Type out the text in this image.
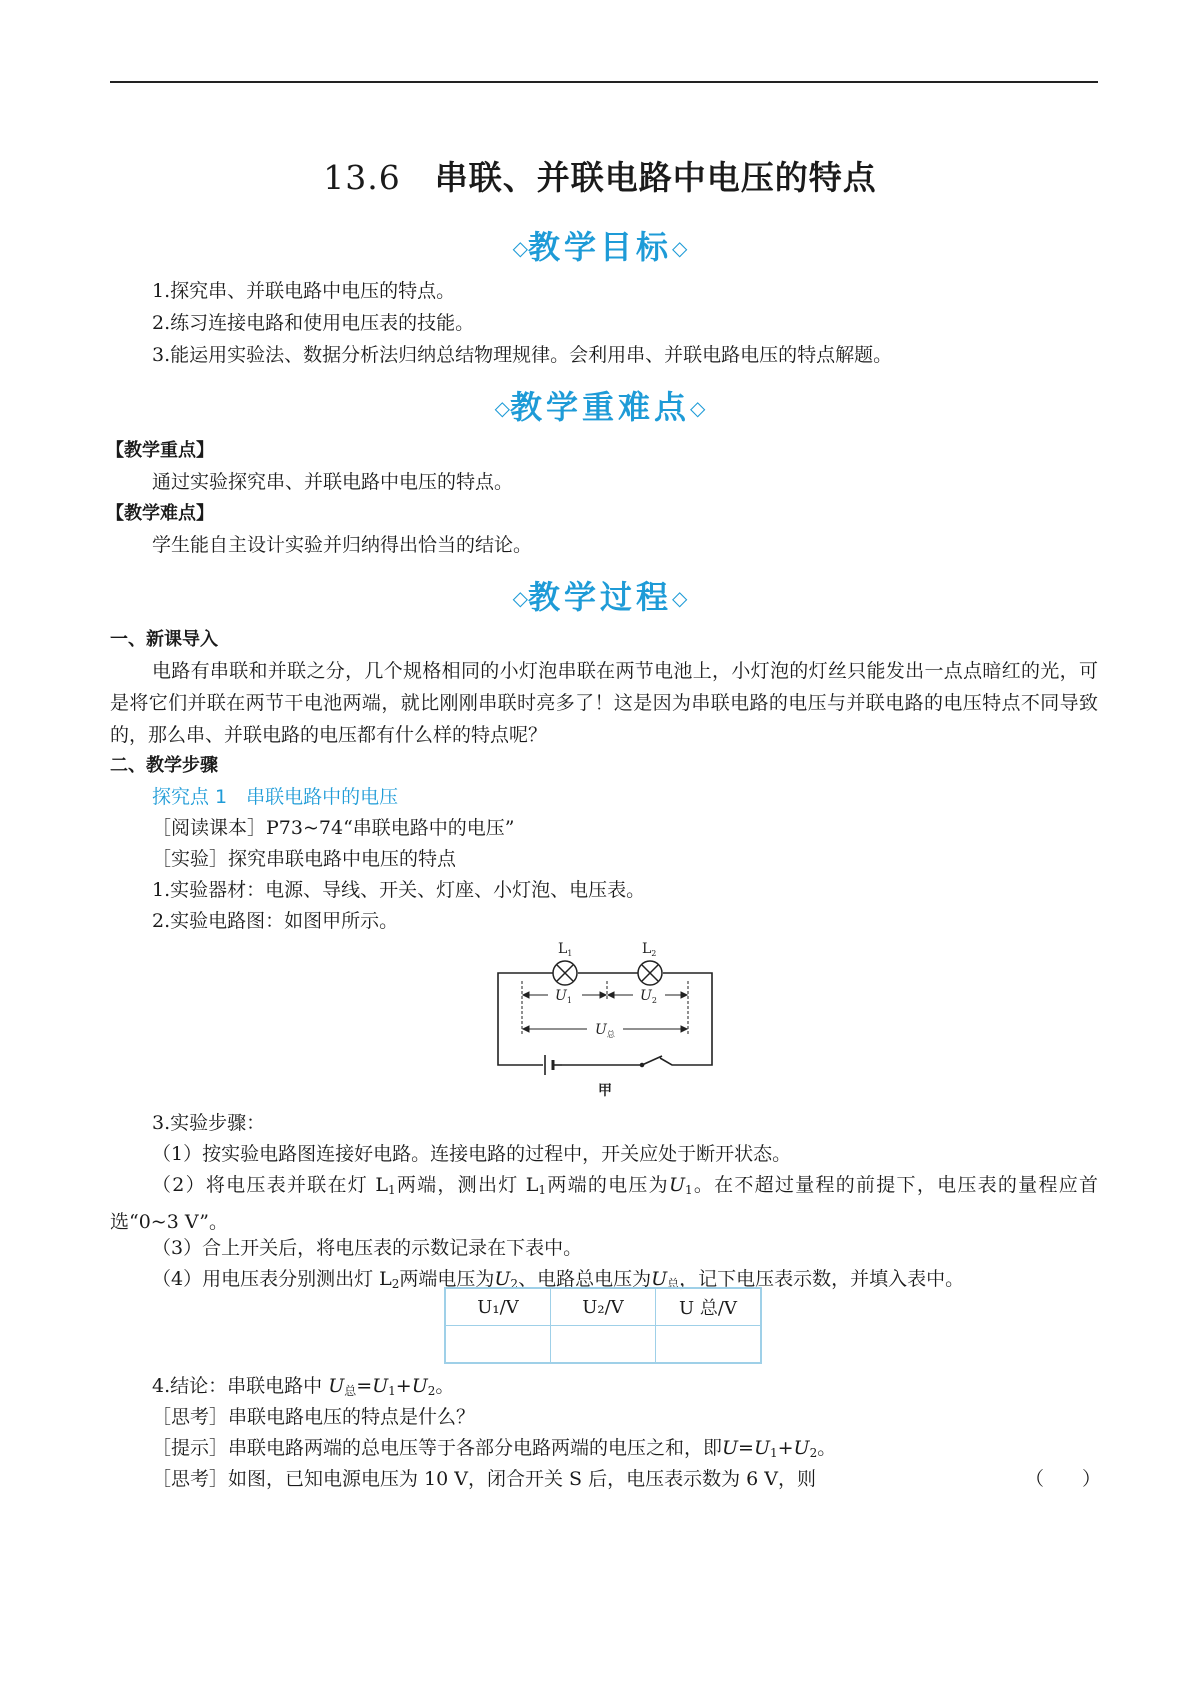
13.6 串联、并联电路中电压的特点
◇教学目标◇
1.探究串、并联电路中电压的特点。
2.练习连接电路和使用电压表的技能。
3.能运用实验法、数据分析法归纳总结物理规律。会利用串、并联电路电压的特点解题。
◇教学重难点◇
【教学重点】
通过实验探究串、并联电路中电压的特点。
【教学难点】
学生能自主设计实验并归纳得出恰当的结论。
◇教学过程◇
一、新课导入
电路有串联和并联之分，几个规格相同的小灯泡串联在两节电池上，小灯泡的灯丝只能发出一点点暗红的光，可是将它们并联在两节干电池两端，就比刚刚串联时亮多了！这是因为串联电路的电压与并联电路的电压特点不同导致的，那么串、并联电路的电压都有什么样的特点呢？
二、教学步骤
探究点 1　串联电路中的电压
［阅读课本］P73~74“串联电路中的电压”
［实验］探究串联电路中电压的特点
1.实验器材：电源、导线、开关、灯座、小灯泡、电压表。
2.实验电路图：如图甲所示。
$L_1$	$L_2$
$U_1$	$U_2$
$U_总$
甲
3.实验步骤：
（1）按实验电路图连接好电路。连接电路的过程中，开关应处于断开状态。
（2）将电压表并联在灯 $L_1$两端，测出灯 $L_1$两端的电压为$U_1$。在不超过量程的前提下，电压表的量程应首选“0~3 V”。
（3）合上开关后，将电压表的示数记录在下表中。
（4）用电压表分别测出灯 $L_2$两端电压为$U_2$、电路总电压为$U_总$，记下电压表示数，并填入表中。
U₁/V	U₂/V	U 总/V

4.结论：串联电路中 $U_总=U_1+U_2$。
［思考］串联电路电压的特点是什么？
［提示］串联电路两端的总电压等于各部分电路两端的电压之和，即$U=U_1+U_2$。
［思考］如图，已知电源电压为 10 V，闭合开关 S 后，电压表示数为 6 V，则	（　　）
